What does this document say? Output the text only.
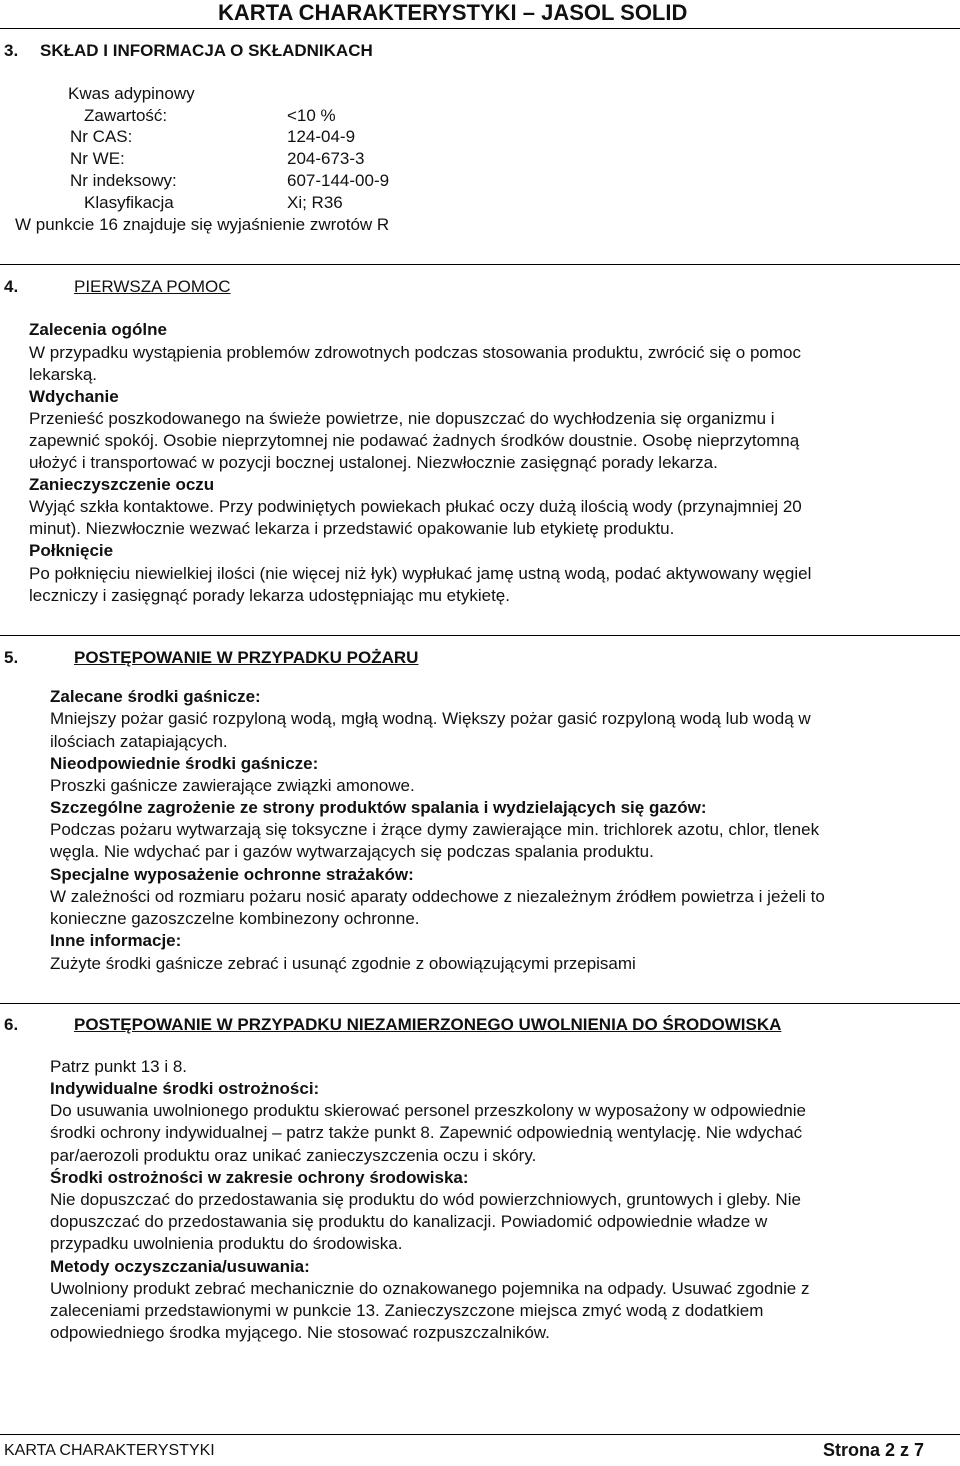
KARTA CHARAKTERYSTYKI – JASOL SOLID
3. SKŁAD I INFORMACJA O SKŁADNIKACH
Kwas adypinowy
Zawartość:	<10 %
Nr CAS:	124-04-9
Nr WE:	204-673-3
Nr indeksowy:	607-144-00-9
Klasyfikacja	Xi; R36
W punkcie 16 znajduje się wyjaśnienie zwrotów R
4.	PIERWSZA POMOC
Zalecenia ogólne
W przypadku wystąpienia problemów zdrowotnych podczas stosowania produktu, zwrócić się o pomoc
lekarską.
Wdychanie
Przenieść poszkodowanego na świeże powietrze, nie dopuszczać do wychłodzenia się organizmu i
zapewnić spokój. Osobie nieprzytomnej nie podawać żadnych środków doustnie. Osobę nieprzytomną
ułożyć i transportować w pozycji bocznej ustalonej. Niezwłocznie zasięgnąć porady lekarza.
Zanieczyszczenie oczu
Wyjąć szkła kontaktowe. Przy podwiniętych powiekach płukać oczy dużą ilością wody (przynajmniej 20
minut). Niezwłocznie wezwać lekarza i przedstawić opakowanie lub etykietę produktu.
Połknięcie
Po połknięciu niewielkiej ilości (nie więcej niż łyk) wypłukać jamę ustną wodą, podać aktywowany węgiel
leczniczy i zasięgnąć porady lekarza udostępniając mu etykietę.
5.	POSTĘPOWANIE W PRZYPADKU POŻARU
Zalecane środki gaśnicze:
Mniejszy pożar gasić rozpyloną wodą, mgłą wodną. Większy pożar gasić rozpyloną wodą lub wodą w
ilościach zatapiających.
Nieodpowiednie środki gaśnicze:
Proszki gaśnicze zawierające związki amonowe.
Szczególne zagrożenie ze strony produktów spalania i wydzielających się gazów:
Podczas pożaru wytwarzają się toksyczne i żrące dymy zawierające min. trichlorek azotu, chlor, tlenek
węgla. Nie wdychać par i gazów wytwarzających się podczas spalania produktu.
Specjalne wyposażenie ochronne strażaków:
W zależności od rozmiaru pożaru nosić aparaty oddechowe z niezależnym źródłem powietrza i jeżeli to
konieczne gazoszczelne kombinezony ochronne.
Inne informacje:
Zużyte środki gaśnicze zebrać i usunąć zgodnie z obowiązującymi przepisami
6.	POSTĘPOWANIE W PRZYPADKU NIEZAMIERZONEGO UWOLNIENIA DO ŚRODOWISKA
Patrz punkt 13 i 8.
Indywidualne środki ostrożności:
Do usuwania uwolnionego produktu skierować personel przeszkolony w wyposażony w odpowiednie
środki ochrony indywidualnej – patrz także punkt 8. Zapewnić odpowiednią wentylację. Nie wdychać
par/aerozoli produktu oraz unikać zanieczyszczenia oczu i skóry.
Środki ostrożności w zakresie ochrony środowiska:
Nie dopuszczać do przedostawania się produktu do wód powierzchniowych, gruntowych i gleby. Nie
dopuszczać do przedostawania się produktu do kanalizacji. Powiadomić odpowiednie władze w
przypadku uwolnienia produktu do środowiska.
Metody oczyszczania/usuwania:
Uwolniony produkt zebrać mechanicznie do oznakowanego pojemnika na odpady. Usuwać zgodnie z
zaleceniami przedstawionymi w punkcie 13. Zanieczyszczone miejsca zmyć wodą z dodatkiem
odpowiedniego środka myjącego. Nie stosować rozpuszczalników.
KARTA CHARAKTERYSTYKI	Strona 2 z 7
